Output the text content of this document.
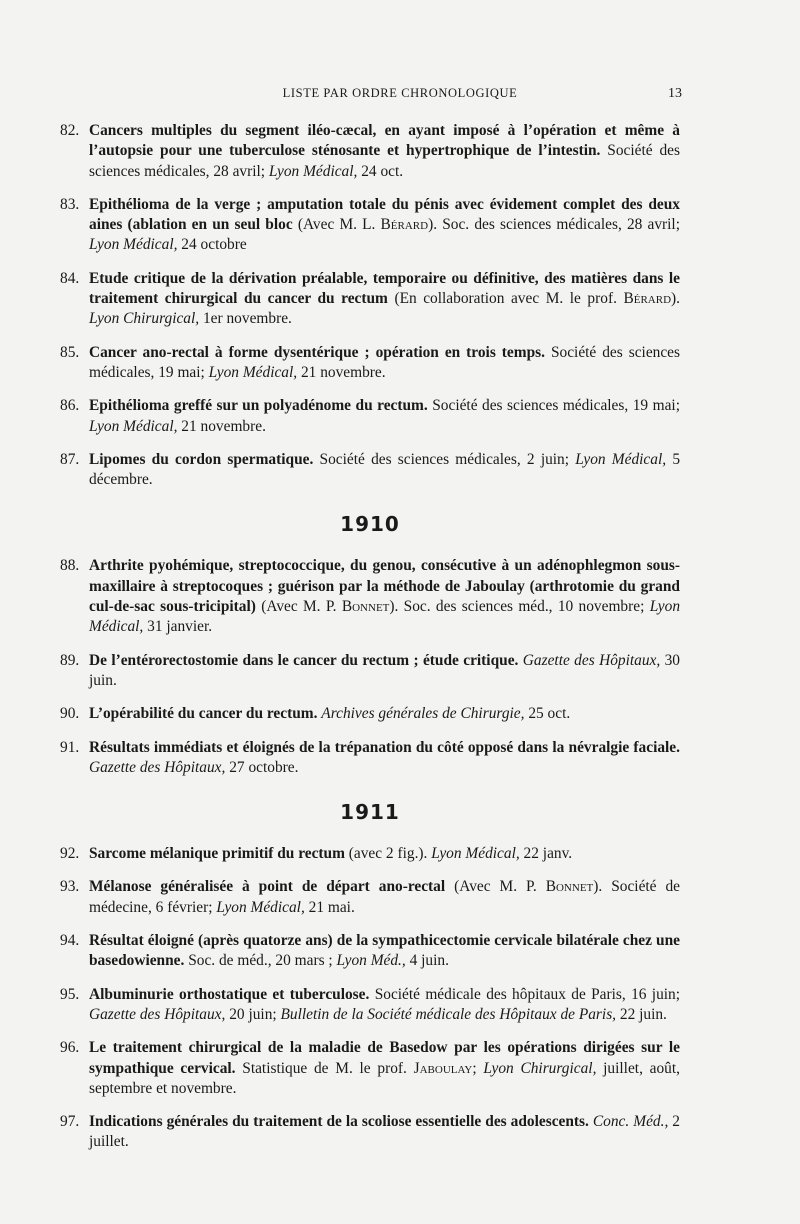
LISTE PAR ORDRE CHRONOLOGIQUE	13

82. Cancers multiples du segment iléo-cæcal, en ayant imposé à l’opération et même à l’autopsie pour une tuberculose sténosante et hypertrophique de l’intestin. Société des sciences médicales, 28 avril; Lyon Médical, 24 oct.

83. Epithélioma de la verge ; amputation totale du pénis avec évidement complet des deux aines (ablation en un seul bloc (Avec M. L. Bérard). Soc. des sciences médicales, 28 avril; Lyon Médical, 24 octobre

84. Etude critique de la dérivation préalable, temporaire ou définitive, des matières dans le traitement chirurgical du cancer du rectum (En collaboration avec M. le prof. Bérard). Lyon Chirurgical, 1er novembre.

85. Cancer ano-rectal à forme dysentérique ; opération en trois temps. Société des sciences médicales, 19 mai; Lyon Médical, 21 novembre.

86. Epithélioma greffé sur un polyadénome du rectum. Société des sciences médicales, 19 mai; Lyon Médical, 21 novembre.

87. Lipomes du cordon spermatique. Société des sciences médicales, 2 juin; Lyon Médical, 5 décembre.

1910

88. Arthrite pyohémique, streptococcique, du genou, consécutive à un adénophlegmon sous-maxillaire à streptocoques ; guérison par la méthode de Jaboulay (arthrotomie du grand cul-de-sac sous-tricipital) (Avec M. P. Bonnet). Soc. des sciences méd., 10 novembre; Lyon Médical, 31 janvier.

89. De l’entérorectostomie dans le cancer du rectum ; étude critique. Gazette des Hôpitaux, 30 juin.

90. L’opérabilité du cancer du rectum. Archives générales de Chirurgie, 25 oct.

91. Résultats immédiats et éloignés de la trépanation du côté opposé dans la névralgie faciale. Gazette des Hôpitaux, 27 octobre.

1911

92. Sarcome mélanique primitif du rectum (avec 2 fig.). Lyon Médical, 22 janv.

93. Mélanose généralisée à point de départ ano-rectal (Avec M. P. Bonnet). Société de médecine, 6 février; Lyon Médical, 21 mai.

94. Résultat éloigné (après quatorze ans) de la sympathicectomie cervicale bilatérale chez une basedowienne. Soc. de méd., 20 mars ; Lyon Méd., 4 juin.

95. Albuminurie orthostatique et tuberculose. Société médicale des hôpitaux de Paris, 16 juin; Gazette des Hôpitaux, 20 juin; Bulletin de la Société médicale des Hôpitaux de Paris, 22 juin.

96. Le traitement chirurgical de la maladie de Basedow par les opérations dirigées sur le sympathique cervical. Statistique de M. le prof. Jaboulay; Lyon Chirurgical, juillet, août, septembre et novembre.

97. Indications générales du traitement de la scoliose essentielle des adolescents. Conc. Méd., 2 juillet.
